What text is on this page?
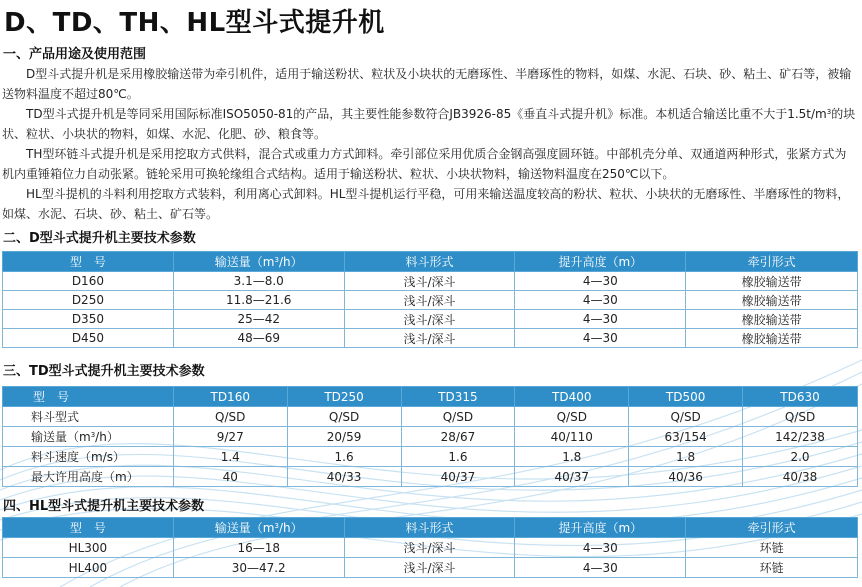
D、TD、TH、HL型斗式提升机
一、产品用途及使用范围

D型斗式提升机是采用橡胶输送带为牵引机件，适用于输送粉状、粒状及小块状的无磨琢性、半磨琢性的物料，如煤、水泥、石块、砂、粘土、矿石等，被输送物料温度不超过80℃。

TD型斗式提升机是等同采用国际标准ISO5050-81的产品，其主要性能参数符合JB3926-85《垂直斗式提升机》标准。本机适合输送比重不大于$1.5t/m^3$的块状、粒状、小块状的物料，如煤、水泥、化肥、砂、粮食等。

TH型环链斗式提升机是采用挖取方式供料，混合式或重力方式卸料。牵引部位采用优质合金钢高强度圆环链。中部机壳分单、双通道两种形式，张紧方式为机内重锤箱位力自动张紧。链轮采用可换轮缘组合式结构。适用于输送粉状、粒状、小块状物料，输送物料温度在250℃以下。

HL型斗提机的斗料利用挖取方式装料，利用离心式卸料。HL型斗提机运行平稳，可用来输送温度较高的粉状、粒状、小块状的无磨琢性、半磨琢性的物料，如煤、水泥、石块、砂、粘土、矿石等。

二、D型斗式提升机主要技术参数
型　号	输送量$(m^3/h)$	料斗形式	提升高度（m）	牵引形式
D160	3.1—8.0	浅斗/深斗	4—30	橡胶输送带
D250	11.8—21.6	浅斗/深斗	4—30	橡胶输送带
D350	25—42	浅斗/深斗	4—30	橡胶输送带
D450	48—69	浅斗/深斗	4—30	橡胶输送带
三、TD型斗式提升机主要技术参数
型　号	TD160	TD250	TD315	TD400	TD500	TD630
料斗型式	Q/SD	Q/SD	Q/SD	Q/SD	Q/SD	Q/SD
输送量$(m^3/h)$	9/27	20/59	28/67	40/110	63/154	142/238
料斗速度（m/s）	1.4	1.6	1.6	1.8	1.8	2.0
最大许用高度（m）	40	40/33	40/37	40/37	40/36	40/38
四、HL型斗式提升机主要技术参数
型　号	输送量$(m^3/h)$	料斗形式	提升高度（m）	牵引形式
HL300	16—18	浅斗/深斗	4—30	环链
HL400	30—47.2	浅斗/深斗	4—30	环链
